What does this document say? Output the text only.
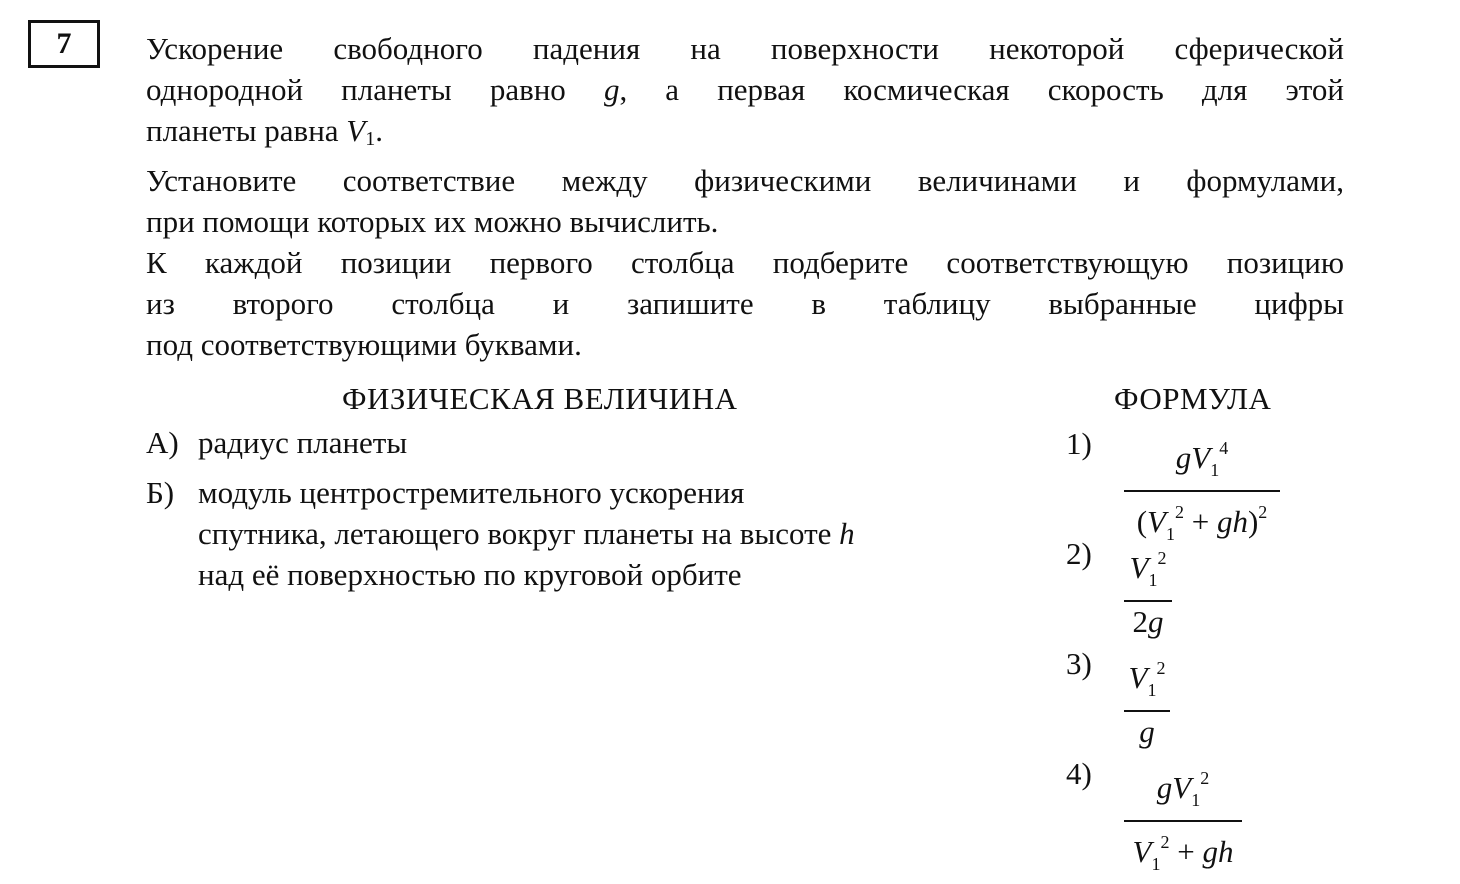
7	Ускорение свободного падения на поверхности некоторой сферической

однородной планеты равно g, а первая космическая скорость для этой

планеты равна V1.

Установите соответствие между физическими величинами и формулами,

при помощи которых их можно вычислить.

К каждой позиции первого столбца подберите соответствующую позицию

из второго столбца и запишите в таблицу выбранные цифры

под соответствующими буквами.

ФИЗИЧЕСКАЯ ВЕЛИЧИНА	ФОРМУЛА
А) радиус планеты
Б) модуль центростремительного ускорения
спутника, летающего вокруг планеты на высоте h
над её поверхностью по круговой орбите
1)	$gV_1^4$
$(V_1^2 + gh)^2$
2) $V_1^2$
2g
3) $V_1^2$
g
4)	$gV_1^2$
$V_1^2$ + gh
